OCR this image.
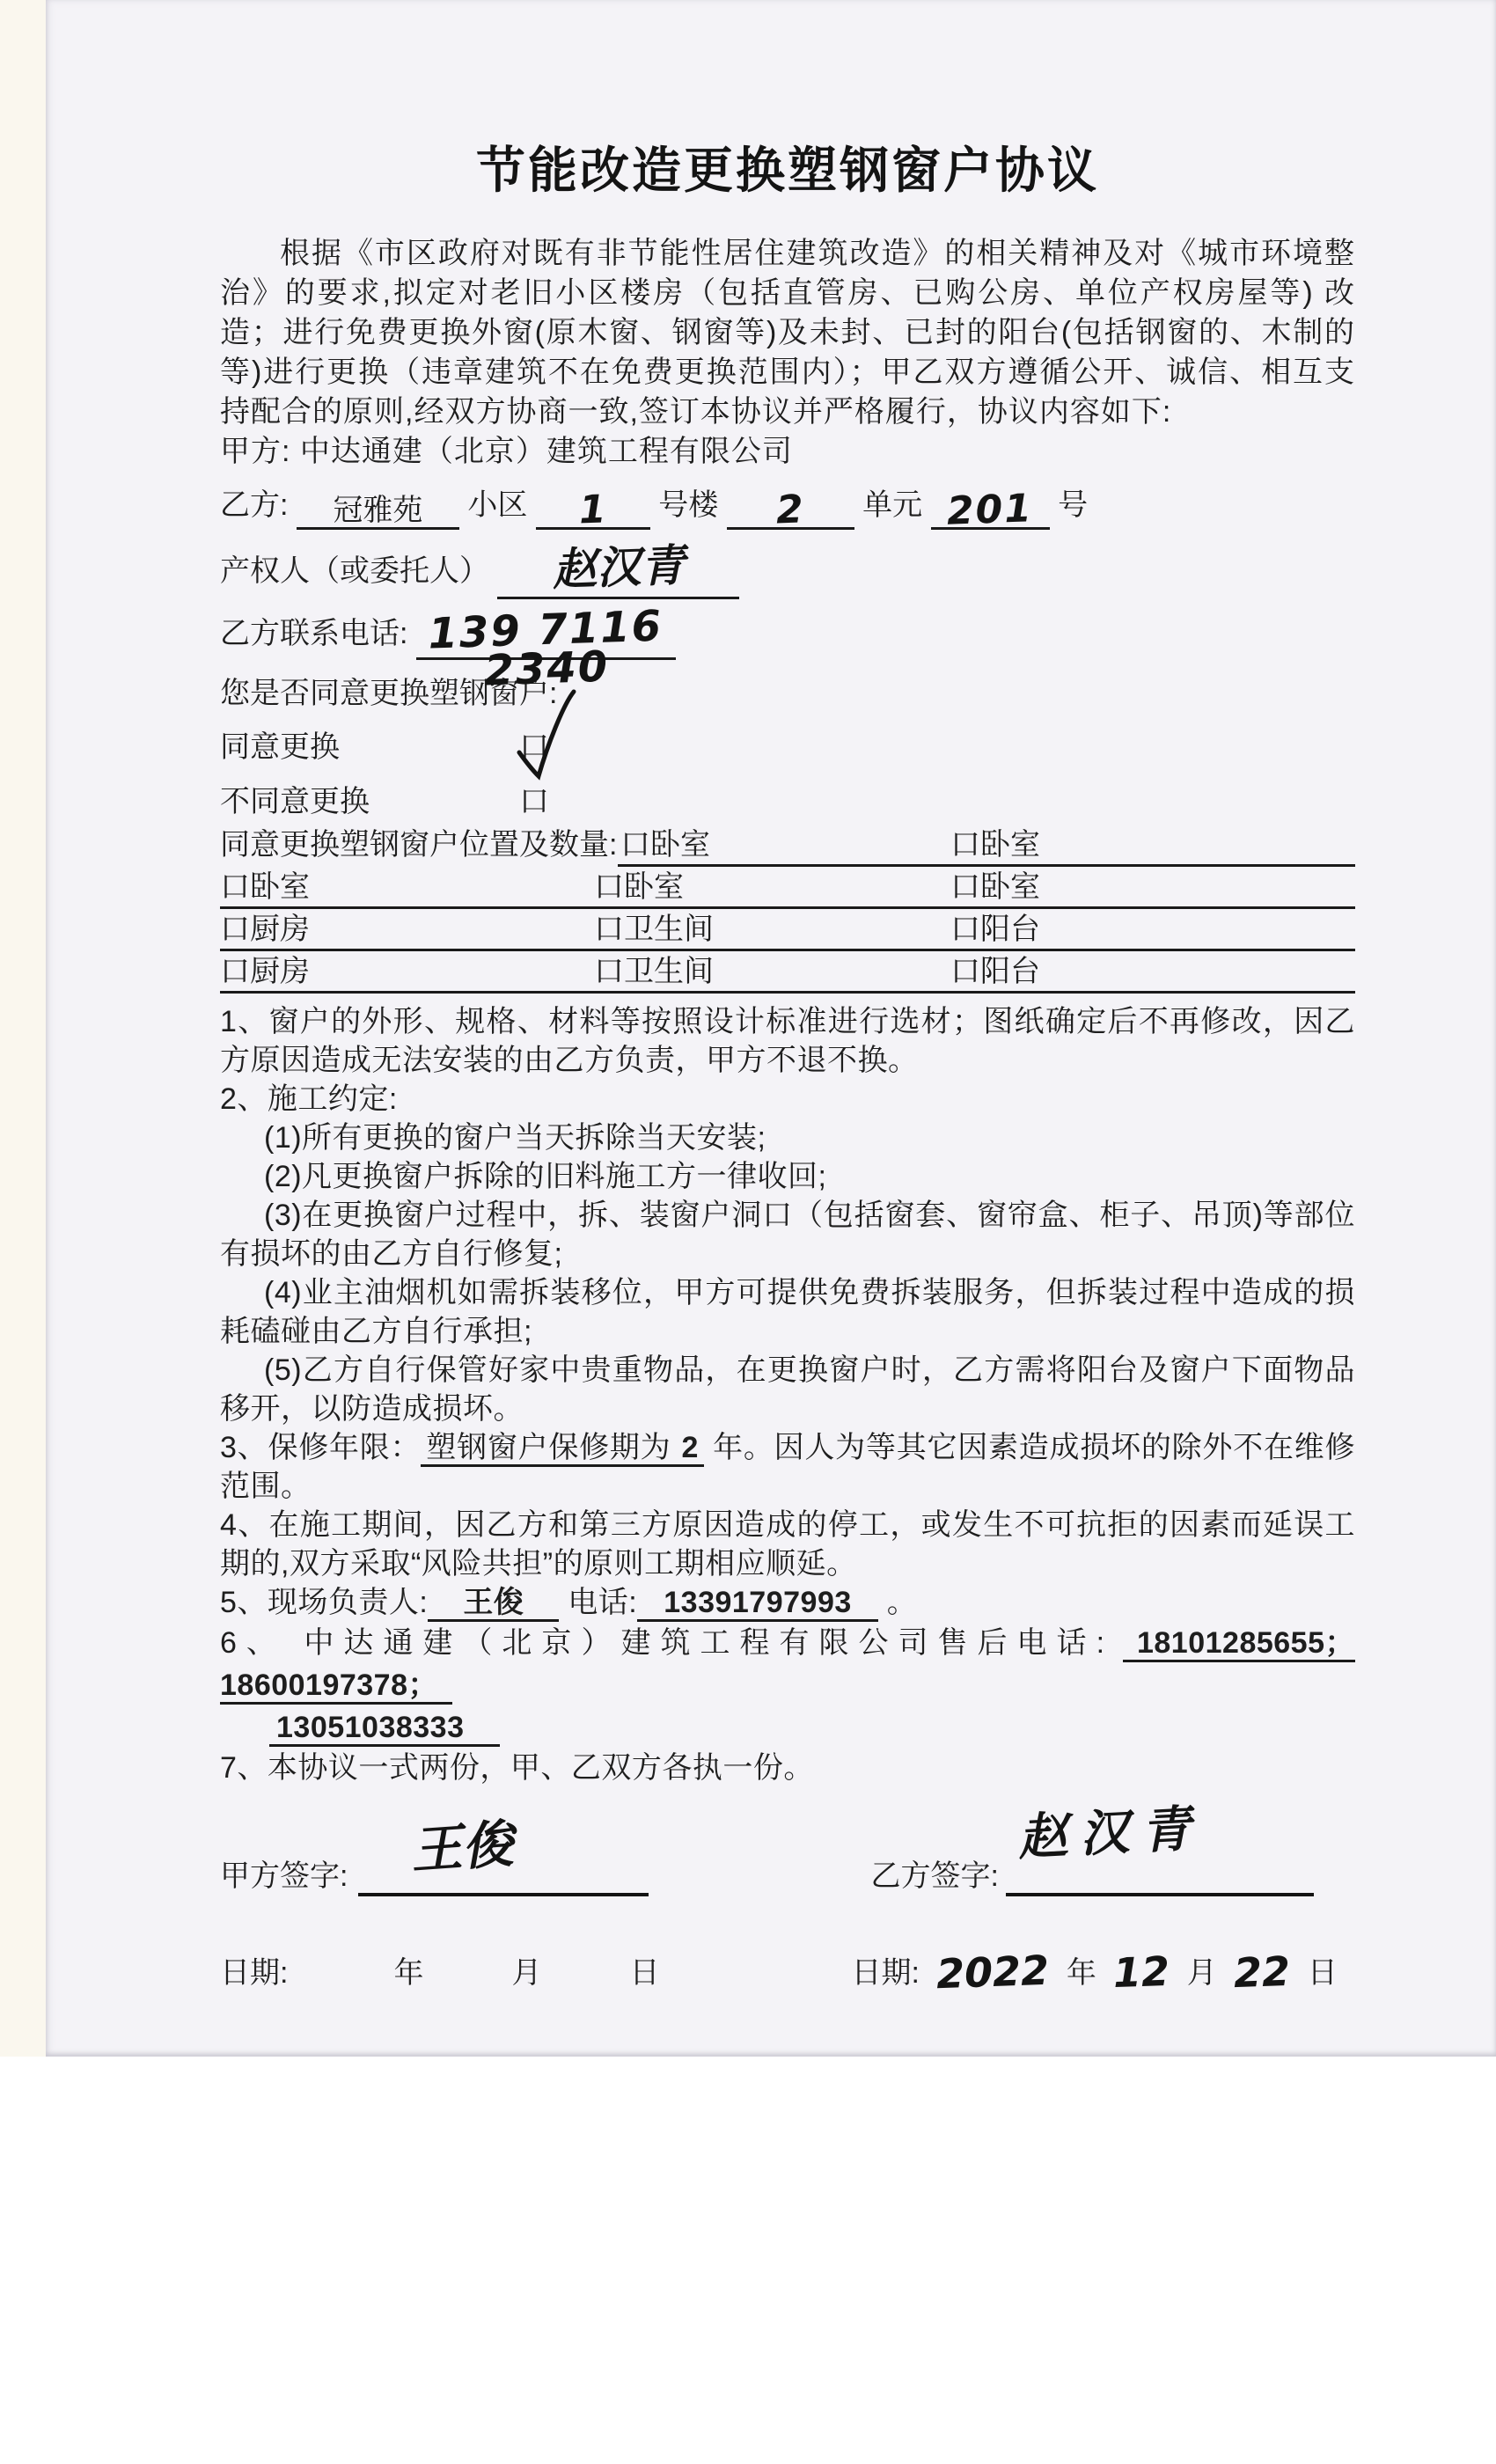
节能改造更换塑钢窗户协议

根据《市区政府对既有非节能性居住建筑改造》的相关精神及对《城市环境整治》的要求,拟定对老旧小区楼房（包括直管房、已购公房、单位产权房屋等) 改造；进行免费更换外窗(原木窗、钢窗等)及未封、已封的阳台(包括钢窗的、木制的等)进行更换（违章建筑不在免费更换范围内）；甲乙双方遵循公开、诚信、相互支持配合的原则,经双方协商一致,签订本协议并严格履行，协议内容如下:

甲方: 中达通建（北京）建筑工程有限公司
乙方: 冠雅苑 小区 1 号楼 2 单元 201 号
产权人（或委托人） 赵汉青
乙方联系电话: 139 7116 2340
您是否同意更换塑钢窗户:
同意更换	口
不同意更换	口
同意更换塑钢窗户位置及数量: 口卧室	口卧室
口卧室	口卧室	口卧室
口厨房	口卫生间	口阳台
口厨房	口卫生间	口阳台

1、窗户的外形、规格、材料等按照设计标准进行选材；图纸确定后不再修改，因乙方原因造成无法安装的由乙方负责，甲方不退不换。

2、施工约定:

(1)所有更换的窗户当天拆除当天安装;

(2)凡更换窗户拆除的旧料施工方一律收回;

(3)在更换窗户过程中，拆、装窗户洞口（包括窗套、窗帘盒、柜子、吊顶)等部位有损坏的由乙方自行修复;

(4)业主油烟机如需拆装移位，甲方可提供免费拆装服务，但拆装过程中造成的损耗磕碰由乙方自行承担;

(5)乙方自行保管好家中贵重物品，在更换窗户时，乙方需将阳台及窗户下面物品移开，以防造成损坏。

3、保修年限： 塑钢窗户保修期为 2 年。因人为等其它因素造成损坏的除外不在维修范围。

4、在施工期间，因乙方和第三方原因造成的停工，或发生不可抗拒的因素而延误工期的,双方采取“风险共担”的原则工期相应顺延。

5、现场负责人: 王俊 电话: 13391797993 。

6、 中达通建（北京）建筑工程有限公司售后电话: 18101285655；18600197378；
13051038333

7、本协议一式两份，甲、乙双方各执一份。

甲方签字: 王俊	乙方签字:
赵汉青
日期:	年	月	日	日期: 2022 年 12 月 22 日
